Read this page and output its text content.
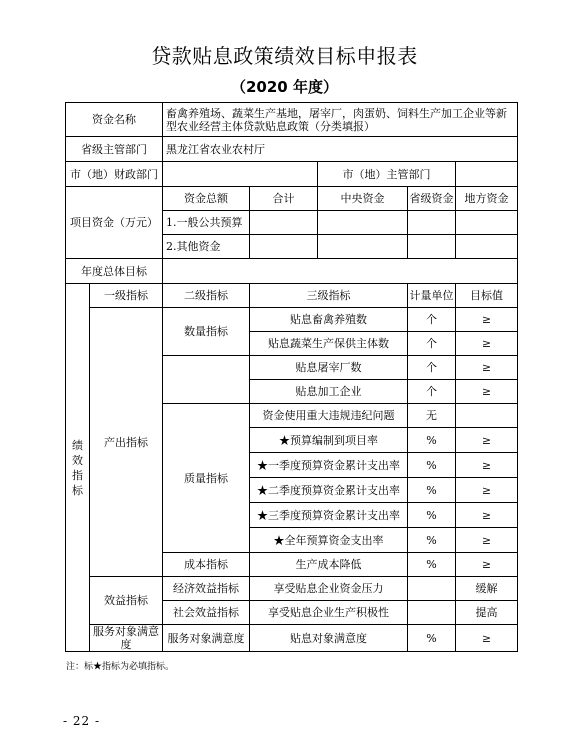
贷款贴息政策绩效目标申报表
（2020 年度）
资金名称		畜禽养殖场、蔬菜生产基地，屠宰厂，肉蛋奶、饲料生产加工企业等新型农业经营主体贷款贴息政策（分类填报）				
省级主管部门		黑龙江省农业农村厅				
市（地）财政部门				市（地）主管部门		
项目资金（万元）		资金总额	合计	中央资金	省级资金	地方资金
		1.一般公共预算				
		2.其他资金				
年度总体目标						
绩效指标	一级指标	二级指标	三级指标		计量单位	目标值
	产出指标	数量指标	贴息畜禽养殖数		个	≥
			贴息蔬菜生产保供主体数		个	≥
			贴息屠宰厂数		个	≥
			贴息加工企业		个	≥
		质量指标	资金使用重大违规违纪问题		无	
			★预算编制到项目率		%	≥
			★一季度预算资金累计支出率		%	≥
			★二季度预算资金累计支出率		%	≥
			★三季度预算资金累计支出率		%	≥
			★全年预算资金支出率		%	≥
		成本指标	生产成本降低		%	≥
	效益指标	经济效益指标	享受贴息企业资金压力			缓解
		社会效益指标	享受贴息企业生产积极性			提高
	服务对象满意度	服务对象满意度	贴息对象满意度		%	≥
注：标★指标为必填指标。
- 22 -
